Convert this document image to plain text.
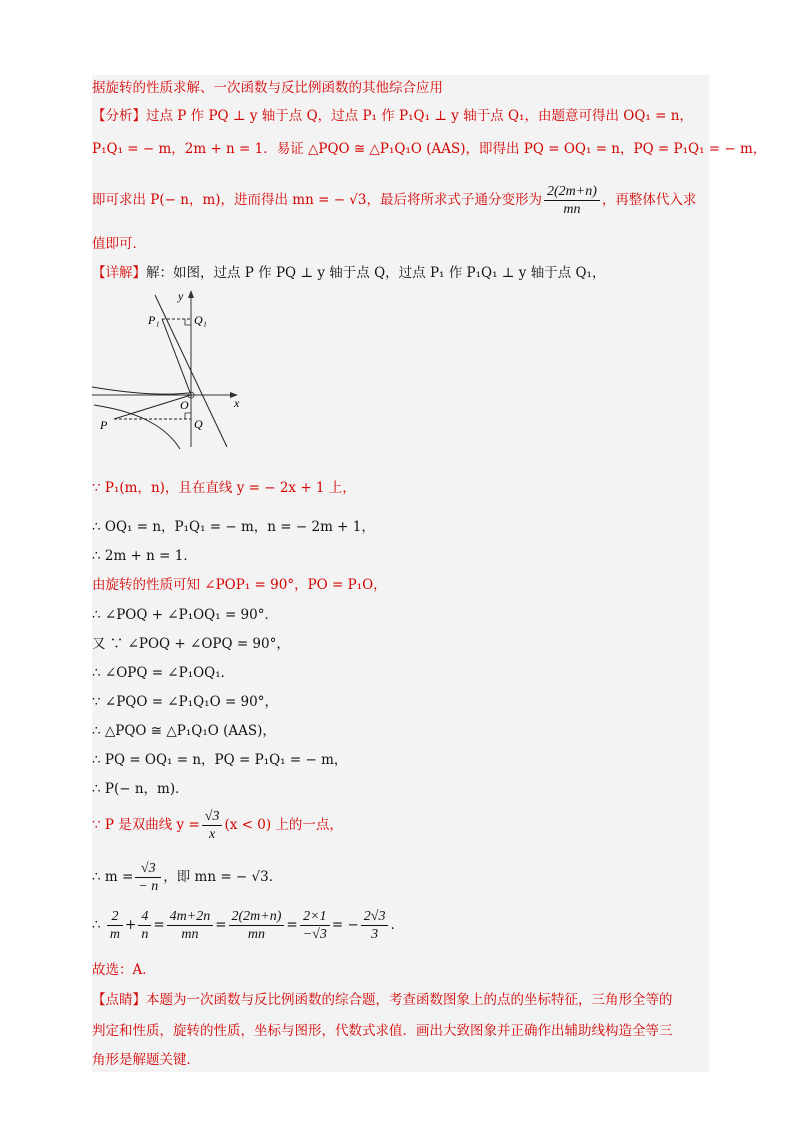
据旋转的性质求解、一次函数与反比例函数的其他综合应用
【分析】过点 P 作 PQ ⊥ y 轴于点 Q，过点 P₁ 作 P₁Q₁ ⊥ y 轴于点 Q₁，由题意可得出 OQ₁ = n，
P₁Q₁ = − m，2m + n = 1．易证 △PQO ≅ △P₁Q₁O (AAS)，即得出 PQ = OQ₁ = n，PQ = P₁Q₁ = − m，
即可求出 P(− n，m)，进而得出 mn = − √3，最后将所求式子通分变形为 $\frac{2(2m+n)}{mn}$ ，再整体代入求
值即可．
【详解】解：如图，过点 P 作 PQ ⊥ y 轴于点 Q，过点 P₁ 作 P₁Q₁ ⊥ y 轴于点 Q₁，
y
x
O
P
P₁
Q
Q₁
∵ P₁(m，n)，且在直线 y = − 2x + 1 上，
∴ OQ₁ = n，P₁Q₁ = − m，n = − 2m + 1，
∴ 2m + n = 1．
由旋转的性质可知 ∠POP₁ = 90°，PO = P₁O，
∴ ∠POQ + ∠P₁OQ₁ = 90°．
又 ∵ ∠POQ + ∠OPQ = 90°，
∴ ∠OPQ = ∠P₁OQ₁．
∵ ∠PQO = ∠P₁Q₁O = 90°，
∴ △PQO ≅ △P₁Q₁O (AAS)，
∴ PQ = OQ₁ = n，PQ = P₁Q₁ = − m，
∴ P(− n，m)．
∵ P 是双曲线 $y = \frac{√3}{x} (x < 0)$ 上的一点，
∴ $m = \frac{√3}{- n}$ ，即 mn = − √3．
∴ $\frac{2}{m} + \frac{4}{n} = \frac{4m+2n}{mn} = \frac{2(2m+n)}{mn} = \frac{2\times 1}{-√3}$ = − $\frac{2√3}{3}$ .
故选：A．
【点睛】本题为一次函数与反比例函数的综合题，考查函数图象上的点的坐标特征，三角形全等的
判定和性质，旋转的性质，坐标与图形，代数式求值．画出大致图象并正确作出辅助线构造全等三
角形是解题关键．
